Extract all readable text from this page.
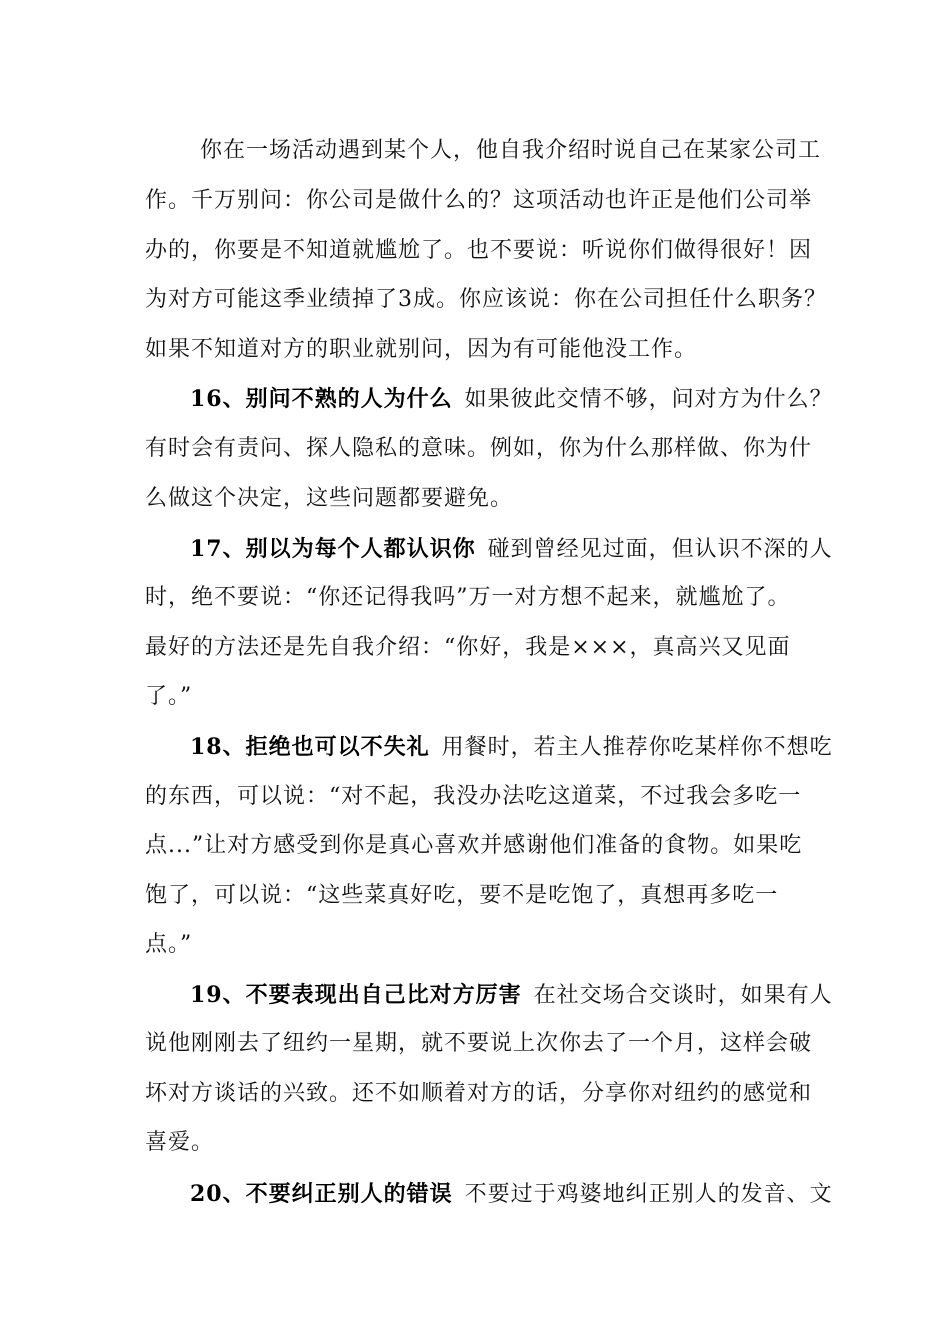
你在一场活动遇到某个人，他自我介绍时说自己在某家公司工
作。千万别问：你公司是做什么的？这项活动也许正是他们公司举
办的，你要是不知道就尴尬了。也不要说：听说你们做得很好！因
为对方可能这季业绩掉了3成。你应该说：你在公司担任什么职务？
如果不知道对方的职业就别问，因为有可能他没工作。
16、别问不熟的人为什么 如果彼此交情不够，问对方为什么？
有时会有责问、探人隐私的意味。例如，你为什么那样做、你为什
么做这个决定，这些问题都要避免。
17、别以为每个人都认识你 碰到曾经见过面，但认识不深的人
时，绝不要说：“你还记得我吗”万一对方想不起来，就尴尬了。
最好的方法还是先自我介绍：“你好，我是×××，真高兴又见面
了。”
18、拒绝也可以不失礼 用餐时，若主人推荐你吃某样你不想吃
的东西，可以说：“对不起，我没办法吃这道菜，不过我会多吃一
点...”让对方感受到你是真心喜欢并感谢他们准备的食物。如果吃
饱了，可以说：“这些菜真好吃，要不是吃饱了，真想再多吃一
点。”
19、不要表现出自己比对方厉害 在社交场合交谈时，如果有人
说他刚刚去了纽约一星期，就不要说上次你去了一个月，这样会破
坏对方谈话的兴致。还不如顺着对方的话，分享你对纽约的感觉和
喜爱。
20、不要纠正别人的错误 不要过于鸡婆地纠正别人的发音、文
